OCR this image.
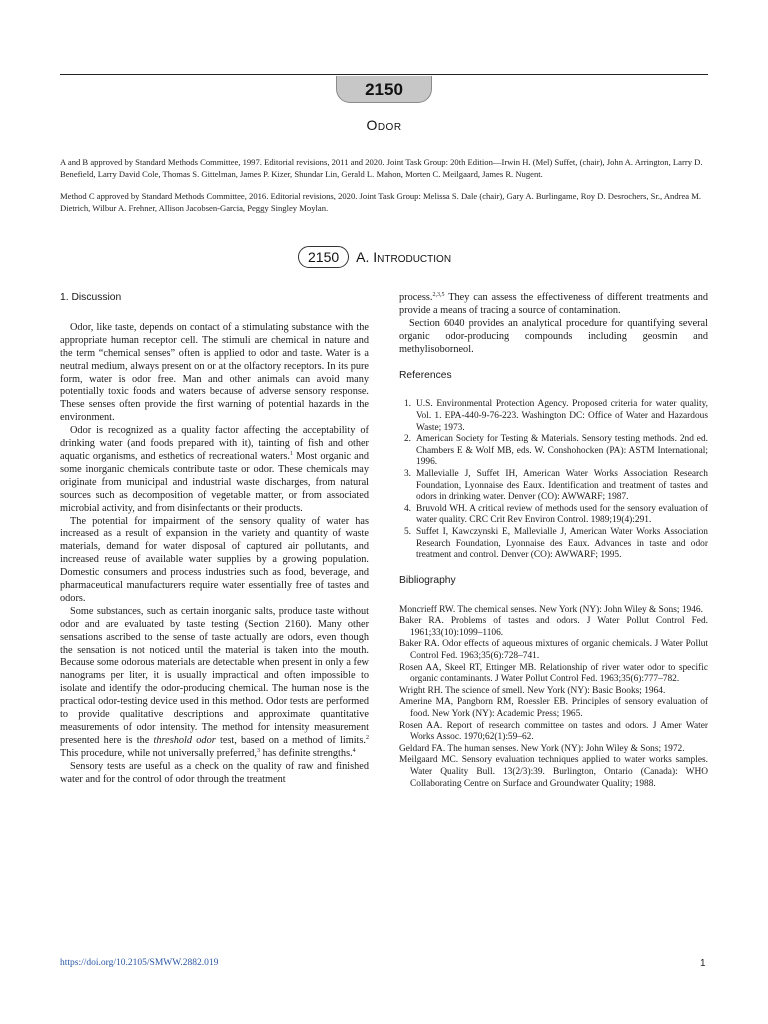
2150
Odor
A and B approved by Standard Methods Committee, 1997. Editorial revisions, 2011 and 2020. Joint Task Group: 20th Edition—Irwin H. (Mel) Suffet, (chair), John A. Arrington, Larry D. Benefield, Larry David Cole, Thomas S. Gittelman, James P. Kizer, Shundar Lin, Gerald L. Mahon, Morten C. Meilgaard, James R. Nugent.
Method C approved by Standard Methods Committee, 2016. Editorial revisions, 2020. Joint Task Group: Melissa S. Dale (chair), Gary A. Burlingame, Roy D. Desrochers, Sr., Andrea M. Dietrich, Wilbur A. Frehner, Allison Jacobsen-Garcia, Peggy Singley Moylan.
2150	A. Introduction
1. Discussion

Odor, like taste, depends on contact of a stimulating substance with the appropriate human receptor cell. The stimuli are chemical in nature and the term “chemical senses” often is applied to odor and taste. Water is a neutral medium, always present on or at the olfactory receptors. In its pure form, water is odor free. Man and other animals can avoid many potentially toxic foods and waters because of adverse sensory response. These senses often provide the first warning of potential hazards in the environment.

Odor is recognized as a quality factor affecting the acceptability of drinking water (and foods prepared with it), tainting of fish and other aquatic organisms, and esthetics of recreational waters.$^1$ Most organic and some inorganic chemicals contribute taste or odor. These chemicals may originate from municipal and industrial waste discharges, from natural sources such as decomposition of vegetable matter, or from associated microbial activity, and from disinfectants or their products.

The potential for impairment of the sensory quality of water has increased as a result of expansion in the variety and quantity of waste materials, demand for water disposal of captured air pollutants, and increased reuse of available water supplies by a growing population. Domestic consumers and process industries such as food, beverage, and pharmaceutical manufacturers require water essentially free of tastes and odors.

Some substances, such as certain inorganic salts, produce taste without odor and are evaluated by taste testing (Section 2160). Many other sensations ascribed to the sense of taste actually are odors, even though the sensation is not noticed until the material is taken into the mouth. Because some odorous materials are detectable when present in only a few nanograms per liter, it is usually impractical and often impossible to isolate and identify the odor-producing chemical. The human nose is the practical odor-testing device used in this method. Odor tests are performed to provide qualitative descriptions and approximate quantitative measurements of odor intensity. The method for intensity measurement presented here is the threshold odor test, based on a method of limits.$^2$ This procedure, while not universally preferred,$^3$ has definite strengths.$^4$

Sensory tests are useful as a check on the quality of raw and finished water and for the control of odor through the treatment

process.$^{2,3,5}$ They can assess the effectiveness of different treatments and provide a means of tracing a source of contamination.

Section 6040 provides an analytical procedure for quantifying several organic odor-producing compounds including geosmin and methylisoborneol.

References
1. U.S. Environmental Protection Agency. Proposed criteria for water quality, Vol. 1. EPA-440-9-76-223. Washington DC: Office of Water and Hazardous Waste; 1973.
2. American Society for Testing & Materials. Sensory testing methods. 2nd ed. Chambers E & Wolf MB, eds. W. Conshohocken (PA): ASTM International; 1996.
3. Mallevialle J, Suffet IH, American Water Works Association Research Foundation, Lyonnaise des Eaux. Identification and treatment of tastes and odors in drinking water. Denver (CO): AWWARF; 1987.
4. Bruvold WH. A critical review of methods used for the sensory evaluation of water quality. CRC Crit Rev Environ Control. 1989;19(4):291.
5. Suffet I, Kawczynski E, Mallevialle J, American Water Works Association Research Foundation, Lyonnaise des Eaux. Advances in taste and odor treatment and control. Denver (CO): AWWARF; 1995.
Bibliography
Moncrieff RW. The chemical senses. New York (NY): John Wiley & Sons; 1946.
Baker RA. Problems of tastes and odors. J Water Pollut Control Fed. 1961;33(10):1099–1106.
Baker RA. Odor effects of aqueous mixtures of organic chemicals. J Water Pollut Control Fed. 1963;35(6):728–741.
Rosen AA, Skeel RT, Ettinger MB. Relationship of river water odor to specific organic contaminants. J Water Pollut Control Fed. 1963;35(6):777–782.
Wright RH. The science of smell. New York (NY): Basic Books; 1964.
Amerine MA, Pangborn RM, Roessler EB. Principles of sensory evaluation of food. New York (NY): Academic Press; 1965.
Rosen AA. Report of research committee on tastes and odors. J Amer Water Works Assoc. 1970;62(1):59–62.
Geldard FA. The human senses. New York (NY): John Wiley & Sons; 1972.
Meilgaard MC. Sensory evaluation techniques applied to water works samples. Water Quality Bull. 13(2/3):39. Burlington, Ontario (Canada): WHO Collaborating Centre on Surface and Groundwater Quality; 1988.
https://doi.org/10.2105/SMWW.2882.019	1
